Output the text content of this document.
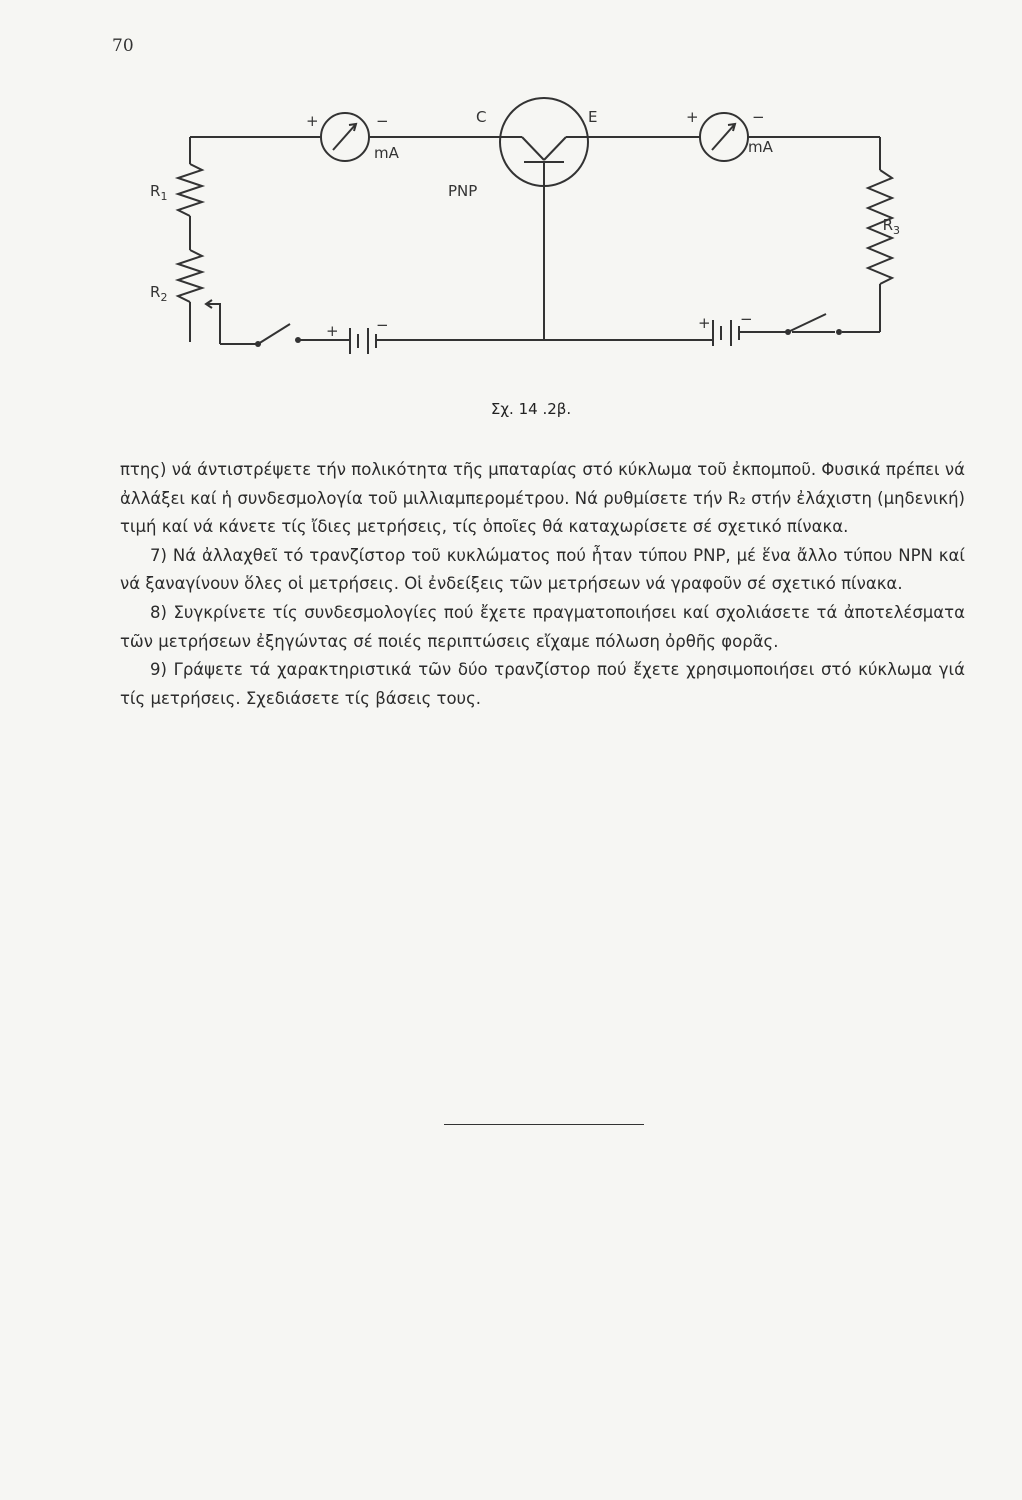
70
$R_1$
$R_2$
$R_3$
mA	mA
C	E
PNP
+	−	+	−
+ −	+ −
Σχ. 14 .2β.

πτης) νά άντιστρέψετε τήν πολικότητα τῆς μπαταρίας στό κύκλωμα τοῦ ἐκπομποῦ. Φυσικά πρέπει νά ἀλλάξει καί ἡ συνδεσμολογία τοῦ μιλλιαμπερομέτρου. Νά ρυθμίσετε τήν R₂ στήν ἐλάχιστη (μηδενική) τιμή καί νά κάνετε τίς ἴδιες μετρήσεις, τίς ὁποῖες θά καταχωρίσετε σέ σχετικό πίνακα.

7) Νά ἀλλαχθεῖ τό τρανζίστορ τοῦ κυκλώματος πού ἦταν τύπου PNP, μέ ἕνα ἄλλο τύπου NPN καί νά ξαναγίνουν ὅλες οἱ μετρήσεις. Οἱ ἐνδείξεις τῶν μετρήσεων νά γραφοῦν σέ σχετικό πίνακα.

8) Συγκρίνετε τίς συνδεσμολογίες πού ἔχετε πραγματοποιήσει καί σχολιάσετε τά ἀποτελέσματα τῶν μετρήσεων ἐξηγώντας σέ ποιές περιπτώσεις εἴχαμε πόλωση ὀρθῆς φορᾶς.

9) Γράψετε τά χαρακτηριστικά τῶν δύο τρανζίστορ πού ἔχετε χρησιμοποιήσει στό κύκλωμα γιά τίς μετρήσεις. Σχεδιάσετε τίς βάσεις τους.
